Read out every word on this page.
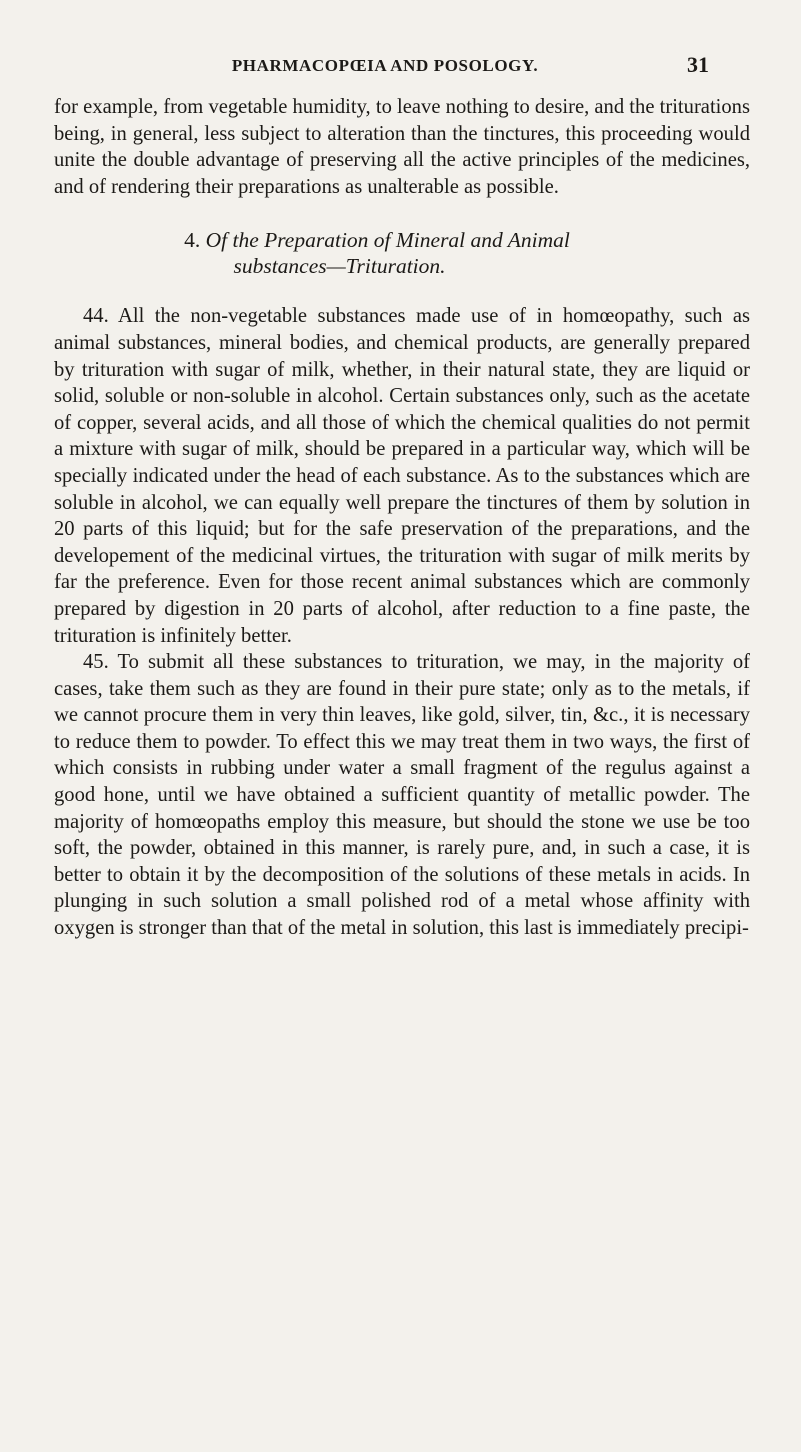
PHARMACOPŒIA AND POSOLOGY.	31

for example, from vegetable humidity, to leave nothing to desire, and the triturations being, in general, less subject to alteration than the tinctures, this proceeding would unite the double advantage of preserving all the active principles of the medicines, and of rendering their preparations as unalterable as possible.

4. Of the Preparation of Mineral and Animal
substances—Trituration.

44. All the non-vegetable substances made use of in homœopathy, such as animal substances, mineral bodies, and chemical products, are generally prepared by trituration with sugar of milk, whether, in their natural state, they are liquid or solid, soluble or non-soluble in alcohol. Certain substances only, such as the acetate of copper, several acids, and all those of which the chemical qualities do not permit a mixture with sugar of milk, should be prepared in a particular way, which will be specially indicated under the head of each substance. As to the substances which are soluble in alcohol, we can equally well prepare the tinctures of them by solution in 20 parts of this liquid; but for the safe preservation of the preparations, and the developement of the medicinal virtues, the trituration with sugar of milk merits by far the preference. Even for those recent animal substances which are commonly prepared by digestion in 20 parts of alcohol, after reduction to a fine paste, the trituration is infinitely better.

45. To submit all these substances to trituration, we may, in the majority of cases, take them such as they are found in their pure state; only as to the metals, if we cannot procure them in very thin leaves, like gold, silver, tin, &c., it is necessary to reduce them to powder. To effect this we may treat them in two ways, the first of which consists in rubbing under water a small fragment of the regulus against a good hone, until we have obtained a sufficient quantity of metallic powder. The majority of homœopaths employ this measure, but should the stone we use be too soft, the powder, obtained in this manner, is rarely pure, and, in such a case, it is better to obtain it by the decomposition of the solutions of these metals in acids. In plunging in such solution a small polished rod of a metal whose affinity with oxygen is stronger than that of the metal in solution, this last is immediately precipi-
